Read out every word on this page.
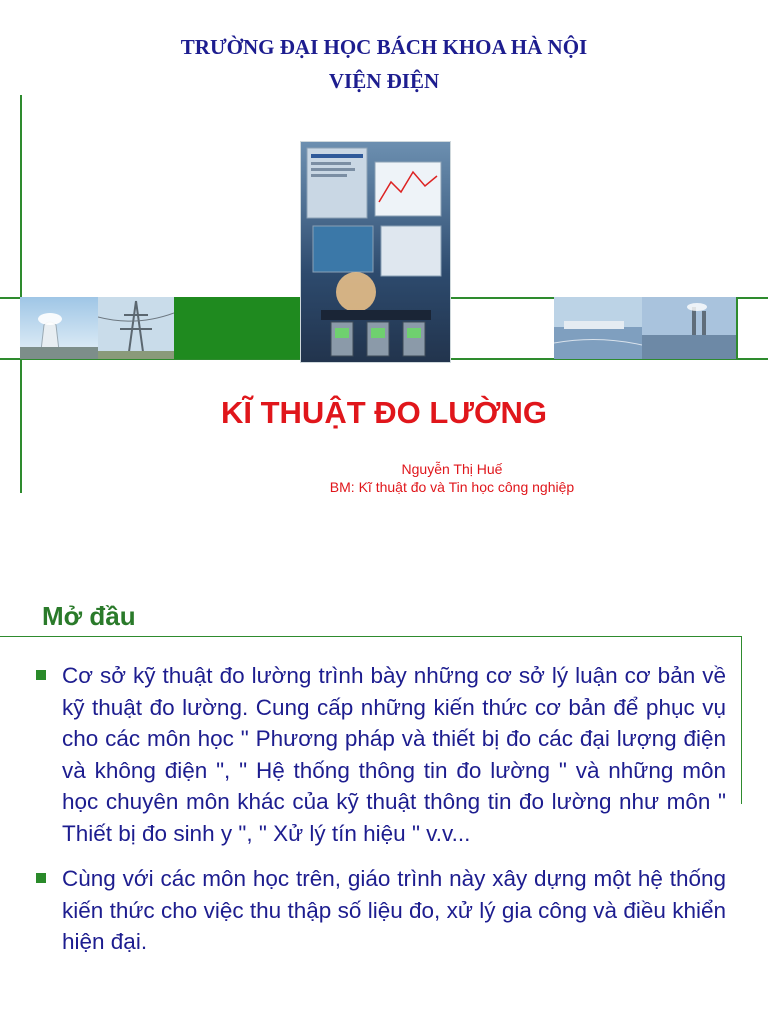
TRƯỜNG ĐẠI HỌC BÁCH KHOA HÀ NỘI
VIỆN ĐIỆN
KĨ THUẬT ĐO LƯỜNG
Nguyễn Thị Huế
BM: Kĩ thuật đo và Tin học công nghiệp
Mở đầu
Cơ sở kỹ thuật đo lường trình bày những cơ sở lý luận cơ bản về kỹ thuật đo lường. Cung cấp những kiến thức cơ bản để phục vụ cho các môn học " Phương pháp và thiết bị đo các đại lượng điện và không điện ", " Hệ thống thông tin đo lường " và những môn học chuyên môn khác của kỹ thuật thông tin đo lường như môn " Thiết bị đo sinh y ", " Xử lý tín hiệu " v.v...
Cùng với các môn học trên, giáo trình này xây dựng một hệ thống kiến thức cho việc thu thập số liệu đo, xử lý gia công và điều khiển hiện đại.
